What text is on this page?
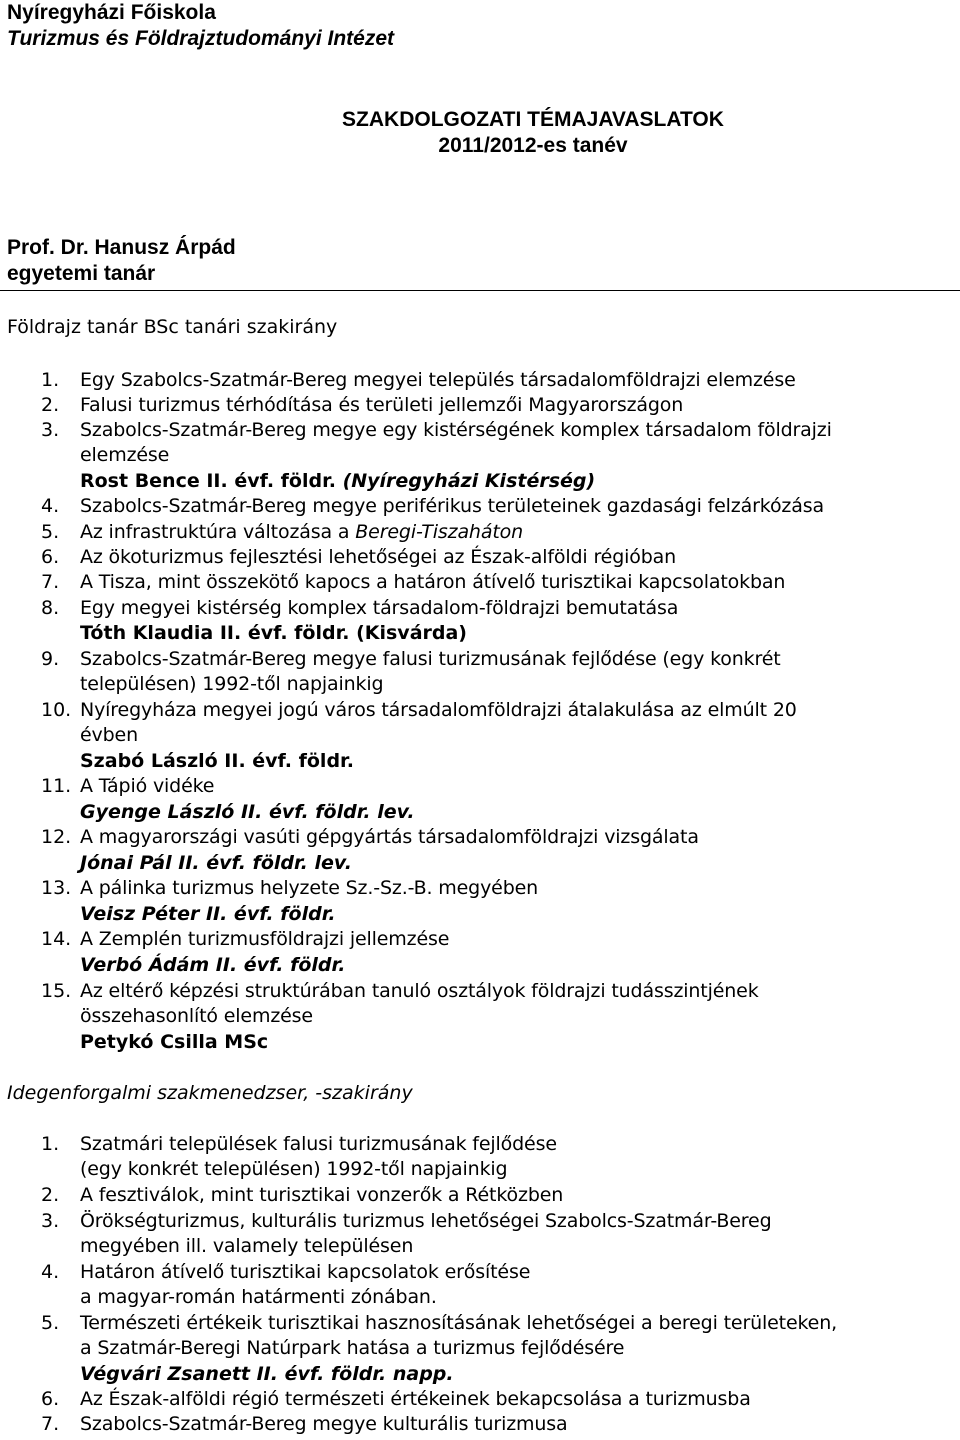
Nyíregyházi Főiskola
Turizmus és Földrajztudományi Intézet
SZAKDOLGOZATI TÉMAJAVASLATOK
2011/2012-es tanév
Prof. Dr. Hanusz Árpád
egyetemi tanár
Földrajz tanár BSc tanári szakirány
1. Egy Szabolcs-Szatmár-Bereg megyei település társadalomföldrajzi elemzése
2. Falusi turizmus térhódítása és területi jellemzői Magyarországon
3. Szabolcs-Szatmár-Bereg megye egy kistérségének komplex társadalom földrajzi
elemzése
Rost Bence II. évf. földr. (Nyíregyházi Kistérség)
4. Szabolcs-Szatmár-Bereg megye periférikus területeinek gazdasági felzárkózása
5. Az infrastruktúra változása a Beregi-Tiszaháton
6. Az ökoturizmus fejlesztési lehetőségei az Észak-alföldi régióban
7. A Tisza, mint összekötő kapocs a határon átívelő turisztikai kapcsolatokban
8. Egy megyei kistérség komplex társadalom-földrajzi bemutatása
Tóth Klaudia II. évf. földr. (Kisvárda)
9. Szabolcs-Szatmár-Bereg megye falusi turizmusának fejlődése (egy konkrét
településen) 1992-től napjainkig
10. Nyíregyháza megyei jogú város társadalomföldrajzi átalakulása az elmúlt 20
évben
Szabó László II. évf. földr.
11. A Tápió vidéke
Gyenge László II. évf. földr. lev.
12. A magyarországi vasúti gépgyártás társadalomföldrajzi vizsgálata
Jónai Pál II. évf. földr. lev.
13. A pálinka turizmus helyzete Sz.-Sz.-B. megyében
Veisz Péter II. évf. földr.
14. A Zemplén turizmusföldrajzi jellemzése
Verbó Ádám II. évf. földr.
15. Az eltérő képzési struktúrában tanuló osztályok földrajzi tudásszintjének
összehasonlító elemzése
Petykó Csilla MSc
Idegenforgalmi szakmenedzser, -szakirány
1. Szatmári települések falusi turizmusának fejlődése
(egy konkrét településen) 1992-től napjainkig
2. A fesztiválok, mint turisztikai vonzerők a Rétközben
3. Örökségturizmus, kulturális turizmus lehetőségei Szabolcs-Szatmár-Bereg
megyében ill. valamely településen
4. Határon átívelő turisztikai kapcsolatok erősítése
a magyar-román határmenti zónában.
5. Természeti értékeik turisztikai hasznosításának lehetőségei a beregi területeken,
a Szatmár-Beregi Natúrpark hatása a turizmus fejlődésére
Végvári Zsanett II. évf. földr. napp.
6. Az Észak-alföldi régió természeti értékeinek bekapcsolása a turizmusba
7. Szabolcs-Szatmár-Bereg megye kulturális turizmusa
